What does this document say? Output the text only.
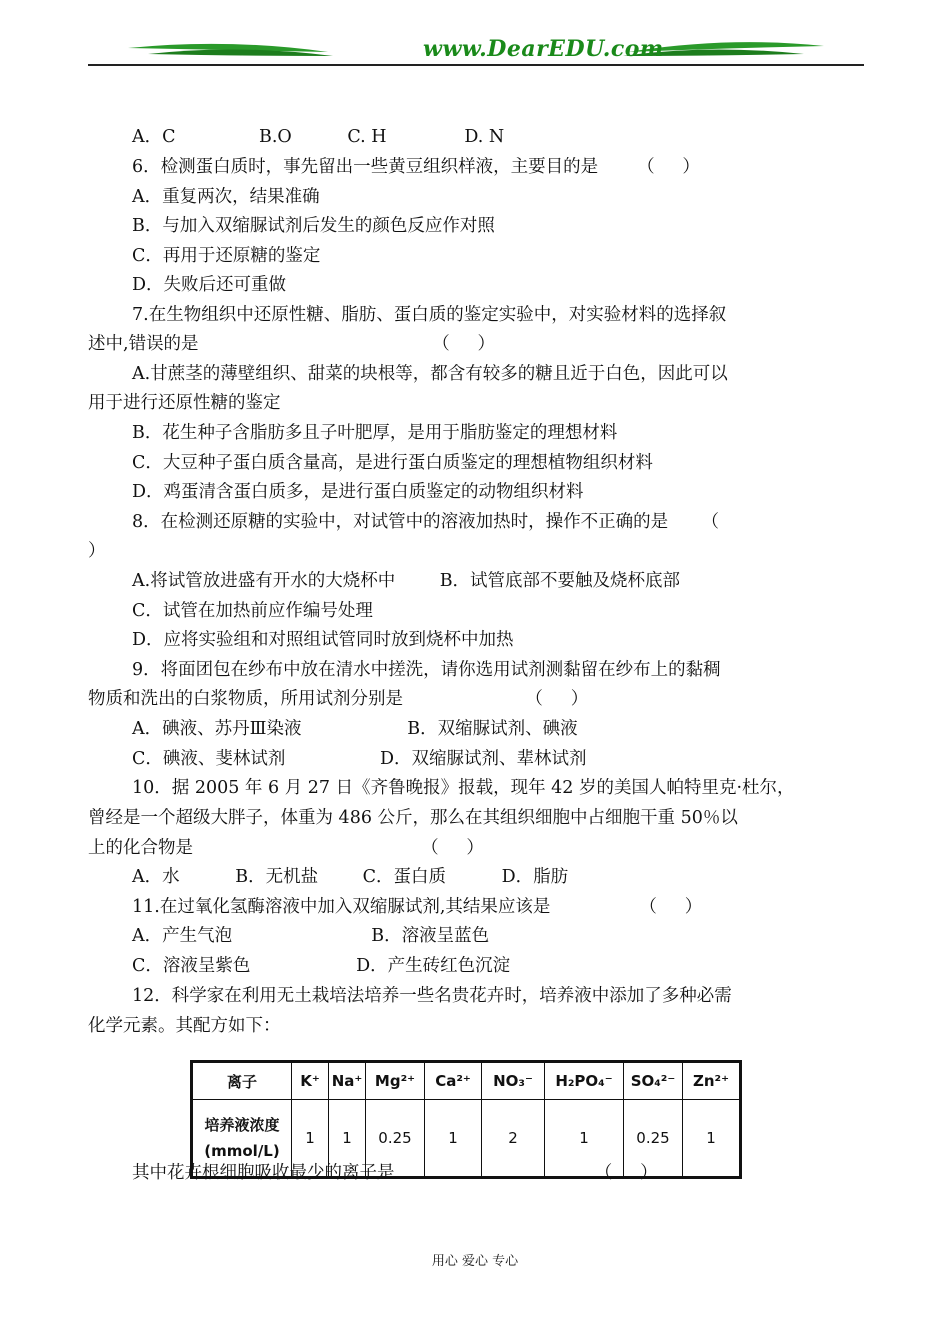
www.DearEDU.com
A．C               B.O          C. H              D. N
6．检测蛋白质时，事先留出一些黄豆组织样液，主要目的是       （     ）
A．重复两次，结果准确
B．与加入双缩脲试剂后发生的颜色反应作对照
C．再用于还原糖的鉴定
D．失败后还可重做
7.在生物组织中还原性糖、脂肪、蛋白质的鉴定实验中，对实验材料的选择叙
述中,错误的是                                          （     ）
A.甘蔗茎的薄壁组织、甜菜的块根等，都含有较多的糖且近于白色，因此可以
用于进行还原性糖的鉴定
B．花生种子含脂肪多且子叶肥厚，是用于脂肪鉴定的理想材料
C．大豆种子蛋白质含量高，是进行蛋白质鉴定的理想植物组织材料
D．鸡蛋清含蛋白质多，是进行蛋白质鉴定的动物组织材料
8．在检测还原糖的实验中，对试管中的溶液加热时，操作不正确的是      （
）
A.将试管放进盛有开水的大烧杯中        B．试管底部不要触及烧杯底部
C．试管在加热前应作编号处理
D．应将实验组和对照组试管同时放到烧杯中加热
9．将面团包在纱布中放在清水中搓洗，请你选用试剂测黏留在纱布上的黏稠
物质和洗出的白浆物质，所用试剂分别是                      （     ）
A．碘液、苏丹Ⅲ染液                   B．双缩脲试剂、碘液
C．碘液、斐林试剂                 D．双缩脲试剂、辈林试剂
10．据 2005 年 6 月 27 日《齐鲁晚报》报载，现年 42 岁的美国人帕特里克·杜尔，
曾经是一个超级大胖子，体重为 486 公斤，那么在其组织细胞中占细胞干重 50％以
上的化合物是                                         （     ）
A．水          B．无机盐        C．蛋白质          D．脂肪
11.在过氧化氢酶溶液中加入双缩脲试剂,其结果应该是                （     ）
A．产生气泡                         B．溶液呈蓝色
C．溶液呈紫色                   D．产生砖红色沉淀
12．科学家在利用无土栽培法培养一些名贵花卉时，培养液中添加了多种必需
化学元素。其配方如下：
其中花卉根细胞吸收最少的离子是                                    （     ）
离子	K⁺	Na⁺	Mg²⁺	Ca²⁺	NO₃⁻	H₂PO₄⁻	SO₄²⁻	Zn²⁺
培养液浓度
(mmol/L)	1	1	0.25	1	2	1	0.25	1
用心 爱心 专心
